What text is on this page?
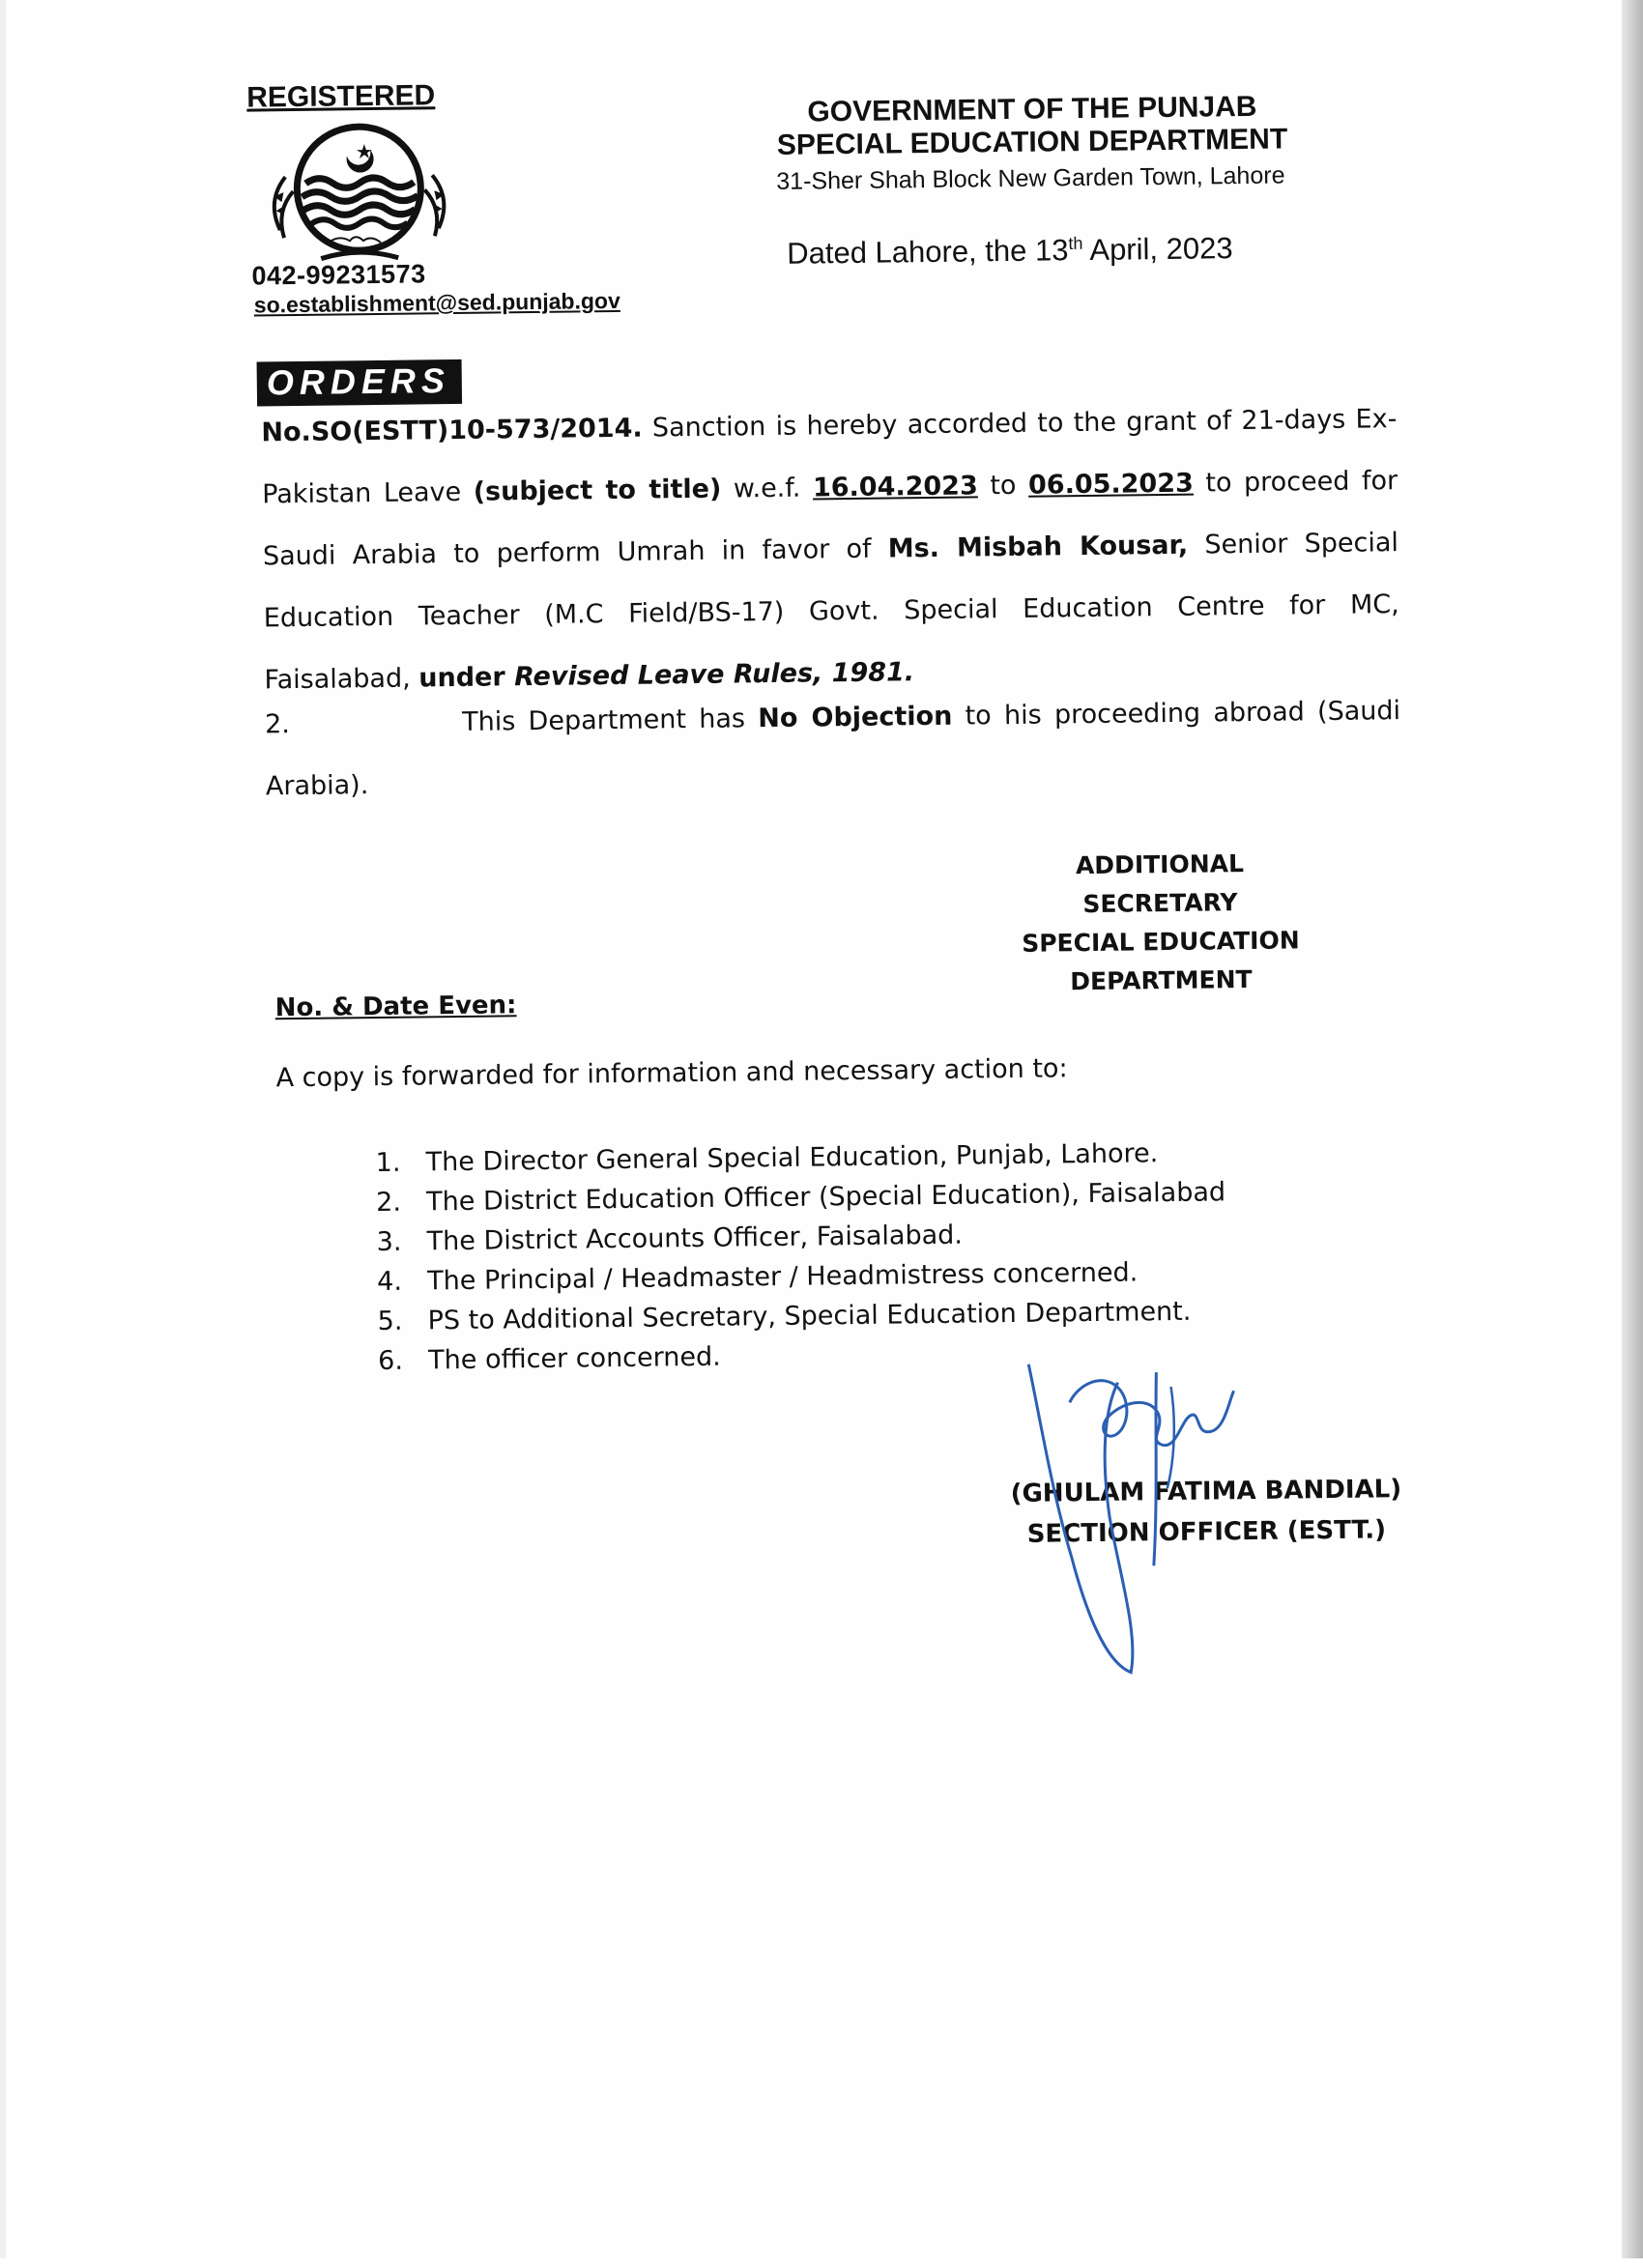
REGISTERED
042-99231573
so.establishment@sed.punjab.gov
GOVERNMENT OF THE PUNJAB
SPECIAL EDUCATION DEPARTMENT
31-Sher Shah Block New Garden Town, Lahore
Dated Lahore, the 13th April, 2023
ORDERS

No.SO(ESTT)10-573/2014. Sanction is hereby accorded to the grant of 21-days Ex-Pakistan Leave (subject to title) w.e.f. 16.04.2023 to 06.05.2023 to proceed for Saudi Arabia to perform Umrah in favor of Ms. Misbah Kousar, Senior Special Education Teacher (M.C Field/BS-17) Govt. Special Education Centre for MC, Faisalabad, under Revised Leave Rules, 1981.

2.	This Department has No Objection to his proceeding abroad (Saudi Arabia).
ADDITIONAL SECRETARY
SPECIAL EDUCATION
DEPARTMENT
No. & Date Even:
A copy is forwarded for information and necessary action to:
1. The Director General Special Education, Punjab, Lahore.
2. The District Education Officer (Special Education), Faisalabad
3. The District Accounts Officer, Faisalabad.
4. The Principal / Headmaster / Headmistress concerned.
5. PS to Additional Secretary, Special Education Department.
6. The officer concerned.
(GHULAM FATIMA BANDIAL)
SECTION OFFICER (ESTT.)
